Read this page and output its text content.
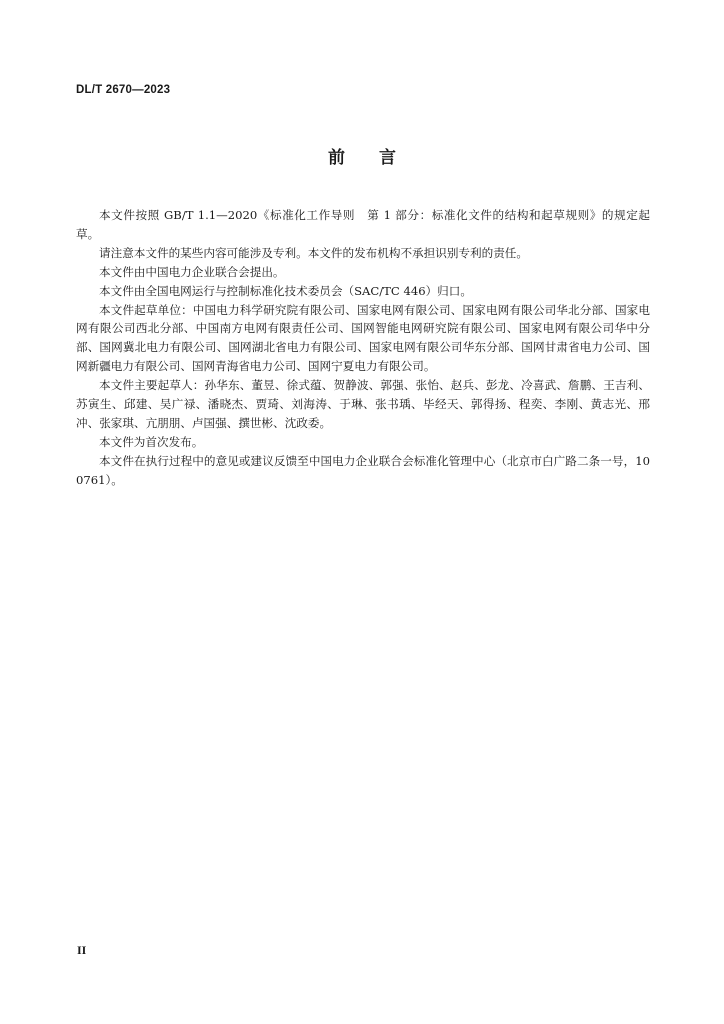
DL/T 2670—2023
前 言

本文件按照 GB/T 1.1—2020《标准化工作导则　第 1 部分：标准化文件的结构和起草规则》的规定起草。

请注意本文件的某些内容可能涉及专利。本文件的发布机构不承担识别专利的责任。

本文件由中国电力企业联合会提出。

本文件由全国电网运行与控制标准化技术委员会（SAC/TC 446）归口。

本文件起草单位：中国电力科学研究院有限公司、国家电网有限公司、国家电网有限公司华北分部、国家电网有限公司西北分部、中国南方电网有限责任公司、国网智能电网研究院有限公司、国家电网有限公司华中分部、国网冀北电力有限公司、国网湖北省电力有限公司、国家电网有限公司华东分部、国网甘肃省电力公司、国网新疆电力有限公司、国网青海省电力公司、国网宁夏电力有限公司。

本文件主要起草人：孙华东、董昱、徐式蕴、贺静波、郭强、张怡、赵兵、彭龙、冷喜武、詹鹏、王吉利、苏寅生、邱建、吴广禄、潘晓杰、贾琦、刘海涛、于琳、张书瑀、毕经天、郭得扬、程奕、李刚、黄志光、邢冲、张家琪、亢朋朋、卢国强、撰世彬、沈政委。

本文件为首次发布。

本文件在执行过程中的意见或建议反馈至中国电力企业联合会标准化管理中心（北京市白广路二条一号，100761）。

II
